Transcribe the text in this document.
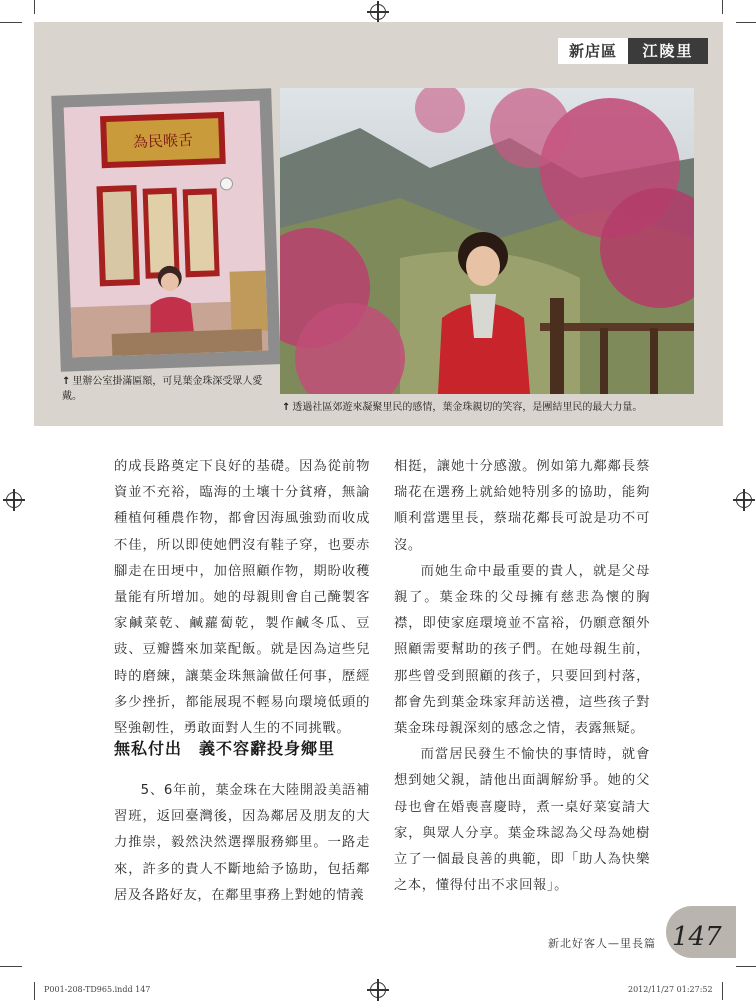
新店區	江陵里
為民喉舌
↑ 里辦公室掛滿匾額，可見葉金珠深受眾人愛戴。
↑ 透過社區郊遊來凝聚里民的感情，葉金珠親切的笑容，是團結里民的最大力量。

的成長路奠定下良好的基礎。因為從前物資並不充裕，臨海的土壤十分貧瘠，無論種植何種農作物，都會因海風強勁而收成不佳，所以即使她們沒有鞋子穿，也要赤腳走在田埂中，加倍照顧作物，期盼收穫量能有所增加。她的母親則會自己醃製客家鹹菜乾、鹹蘿蔔乾，製作鹹冬瓜、豆豉、豆瓣醬來加菜配飯。就是因為這些兒時的磨練，讓葉金珠無論做任何事，歷經多少挫折，都能展現不輕易向環境低頭的堅強韌性，勇敢面對人生的不同挑戰。

無私付出　義不容辭投身鄉里

5、6年前，葉金珠在大陸開設美語補習班，返回臺灣後，因為鄰居及朋友的大力推崇，毅然決然選擇服務鄉里。一路走來，許多的貴人不斷地給予協助，包括鄰居及各路好友，在鄰里事務上對她的情義

相挺，讓她十分感激。例如第九鄰鄰長蔡瑞花在選務上就給她特別多的協助，能夠順利當選里長，蔡瑞花鄰長可說是功不可沒。

而她生命中最重要的貴人，就是父母親了。葉金珠的父母擁有慈悲為懷的胸襟，即使家庭環境並不富裕，仍願意額外照顧需要幫助的孩子們。在她母親生前，那些曾受到照顧的孩子，只要回到村落，都會先到葉金珠家拜訪送禮，這些孩子對葉金珠母親深刻的感念之情，表露無疑。

而當居民發生不愉快的事情時，就會想到她父親，請他出面調解紛爭。她的父母也會在婚喪喜慶時，煮一桌好菜宴請大家，與眾人分享。葉金珠認為父母為她樹立了一個最良善的典範，即「助人為快樂之本，懂得付出不求回報」。

新北好客人—里長篇 147
P001-208-TD965.indd 147	2012/11/27 01:27:52
